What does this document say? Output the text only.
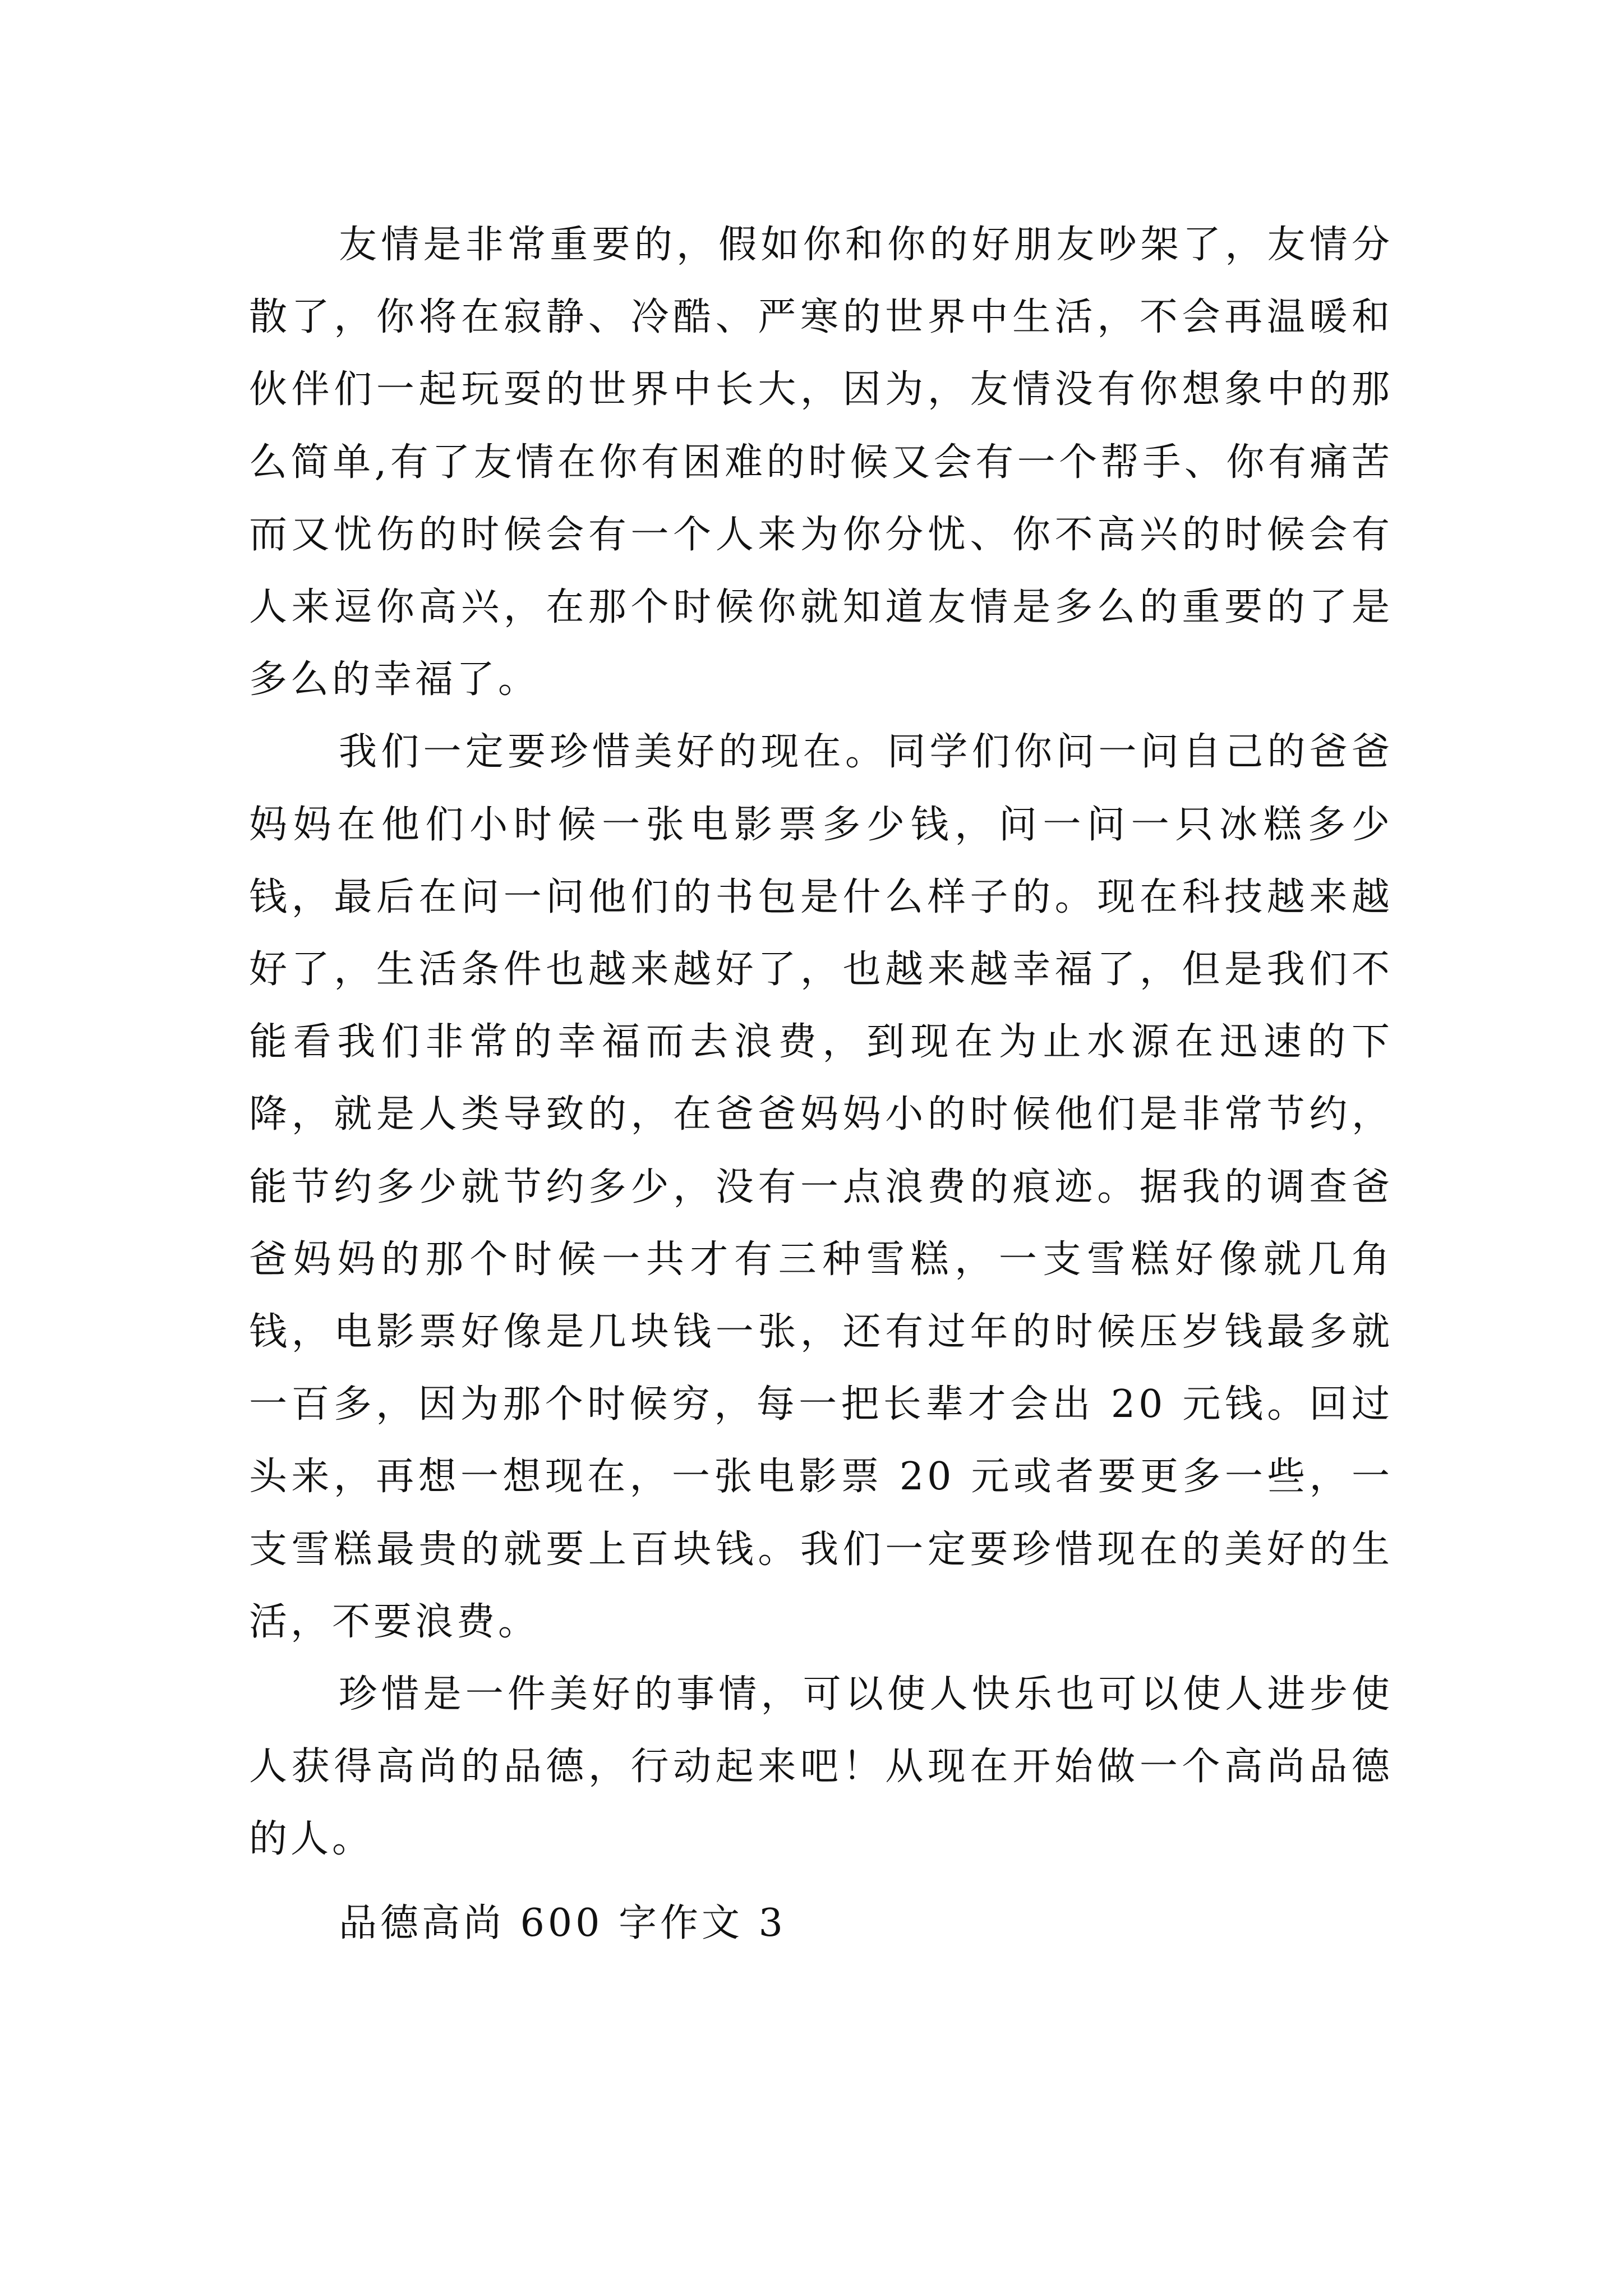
友情是非常重要的，假如你和你的好朋友吵架了，友情分散了，你将在寂静、冷酷、严寒的世界中生活，不会再温暖和伙伴们一起玩耍的世界中长大，因为，友情没有你想象中的那么简单,有了友情在你有困难的时候又会有一个帮手、你有痛苦而又忧伤的时候会有一个人来为你分忧、你不高兴的时候会有人来逗你高兴，在那个时候你就知道友情是多么的重要的了是多么的幸福了。

我们一定要珍惜美好的现在。同学们你问一问自己的爸爸妈妈在他们小时候一张电影票多少钱，问一问一只冰糕多少钱，最后在问一问他们的书包是什么样子的。现在科技越来越好了，生活条件也越来越好了，也越来越幸福了，但是我们不能看我们非常的幸福而去浪费，到现在为止水源在迅速的下降，就是人类导致的，在爸爸妈妈小的时候他们是非常节约，能节约多少就节约多少，没有一点浪费的痕迹。据我的调查爸爸妈妈的那个时候一共才有三种雪糕，一支雪糕好像就几角钱，电影票好像是几块钱一张，还有过年的时候压岁钱最多就一百多，因为那个时候穷，每一把长辈才会出 20 元钱。回过头来，再想一想现在，一张电影票 20 元或者要更多一些，一支雪糕最贵的就要上百块钱。我们一定要珍惜现在的美好的生活，不要浪费。

珍惜是一件美好的事情，可以使人快乐也可以使人进步使人获得高尚的品德，行动起来吧！从现在开始做一个高尚品德的人。

品德高尚 600 字作文 3
